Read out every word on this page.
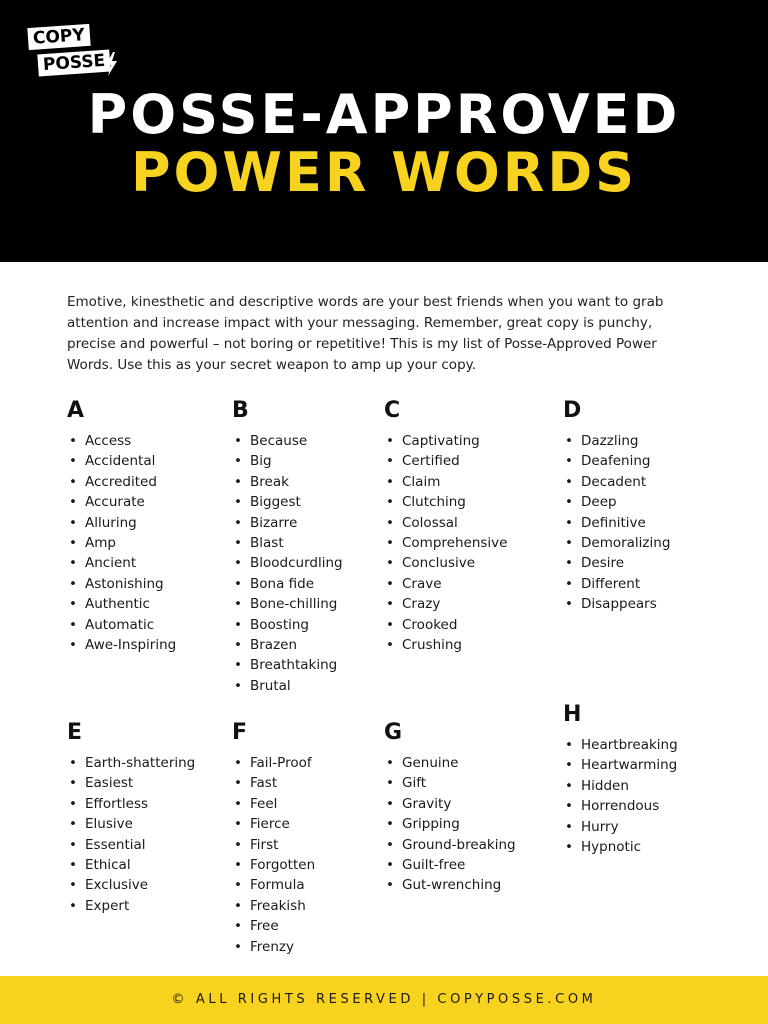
COPY
POSSE
POSSE-APPROVED
POWER WORDS

Emotive, kinesthetic and descriptive words are your best friends when you want to grab attention and increase impact with your messaging. Remember, great copy is punchy, precise and powerful – not boring or repetitive! This is my list of Posse-Approved Power Words. Use this as your secret weapon to amp up your copy.

A
• Access
• Accidental
• Accredited
• Accurate
• Alluring
• Amp
• Ancient
• Astonishing
• Authentic
• Automatic
• Awe-Inspiring
B
• Because
• Big
• Break
• Biggest
• Bizarre
• Blast
• Bloodcurdling
• Bona fide
• Bone-chilling
• Boosting
• Brazen
• Breathtaking
• Brutal
C
• Captivating
• Certified
• Claim
• Clutching
• Colossal
• Comprehensive
• Conclusive
• Crave
• Crazy
• Crooked
• Crushing
D
• Dazzling
• Deafening
• Decadent
• Deep
• Definitive
• Demoralizing
• Desire
• Different
• Disappears
E
• Earth-shattering
• Easiest
• Effortless
• Elusive
• Essential
• Ethical
• Exclusive
• Expert
F
• Fail-Proof
• Fast
• Feel
• Fierce
• First
• Forgotten
• Formula
• Freakish
• Free
• Frenzy
G
• Genuine
• Gift
• Gravity
• Gripping
• Ground-breaking
• Guilt-free
• Gut-wrenching
H
• Heartbreaking
• Heartwarming
• Hidden
• Horrendous
• Hurry
• Hypnotic
© ALL RIGHTS RESERVED | COPYPOSSE.COM
